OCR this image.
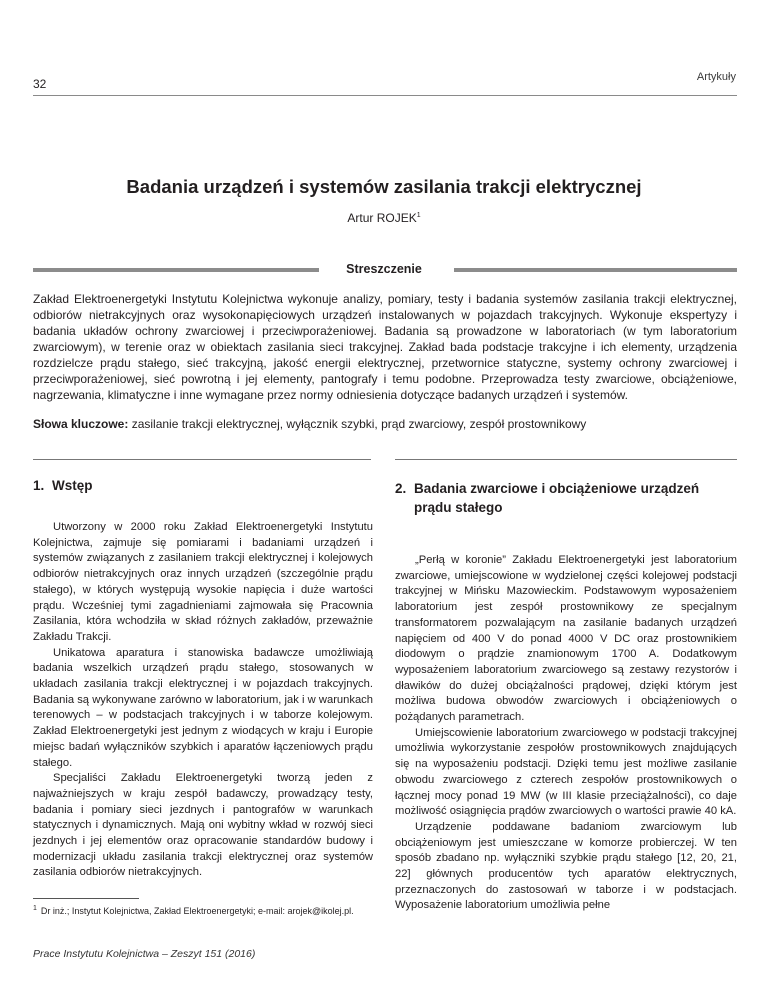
32	Artykuły
Badania urządzeń i systemów zasilania trakcji elektrycznej
Artur ROJEK$^1$
Streszczenie

Zakład Elektroenergetyki Instytutu Kolejnictwa wykonuje analizy, pomiary, testy i badania systemów zasilania trakcji elektrycznej, odbiorów nietrakcyjnych oraz wysokonapięciowych urządzeń instalowanych w pojazdach trakcyjnych. Wykonuje ekspertyzy i badania układów ochrony zwarciowej i przeciwporażeniowej. Badania są prowadzone w laboratoriach (w tym laboratorium zwarciowym), w terenie oraz w obiektach zasilania sieci trakcyjnej. Zakład bada podstacje trakcyjne i ich elementy, urządzenia rozdzielcze prądu stałego, sieć trakcyjną, jakość energii elektrycznej, przetwornice statyczne, systemy ochrony zwarciowej i przeciwporażeniowej, sieć powrotną i jej elementy, pantografy i temu podobne. Przeprowadza testy zwarciowe, obciążeniowe, nagrzewania, klimatyczne i inne wymagane przez normy odniesienia dotyczące badanych urządzeń i systemów.

Słowa kluczowe: zasilanie trakcji elektrycznej, wyłącznik szybki, prąd zwarciowy, zespół prostownikowy

1. Wstęp

Utworzony w 2000 roku Zakład Elektroenergetyki Instytutu Kolejnictwa, zajmuje się pomiarami i badaniami urządzeń i systemów związanych z zasilaniem trakcji elektrycznej i kolejowych odbiorów nietrakcyjnych oraz innych urządzeń (szczególnie prądu stałego), w których występują wysokie napięcia i duże wartości prądu. Wcześniej tymi zagadnieniami zajmowała się Pracownia Zasilania, która wchodziła w skład różnych zakładów, przeważnie Zakładu Trakcji.

Unikatowa aparatura i stanowiska badawcze umożliwiają badania wszelkich urządzeń prądu stałego, stosowanych w układach zasilania trakcji elektrycznej i w pojazdach trakcyjnych. Badania są wykonywane zarówno w laboratorium, jak i w warunkach terenowych – w podstacjach trakcyjnych i w taborze kolejowym. Zakład Elektroenergetyki jest jednym z wiodących w kraju i Europie miejsc badań wyłączników szybkich i aparatów łączeniowych prądu stałego.

Specjaliści Zakładu Elektroenergetyki tworzą jeden z najważniejszych w kraju zespół badawczy, prowadzący testy, badania i pomiary sieci jezdnych i pantografów w warunkach statycznych i dynamicznych. Mają oni wybitny wkład w rozwój sieci jezdnych i jej elementów oraz opracowanie standardów budowy i modernizacji układu zasilania trakcji elektrycznej oraz systemów zasilania odbiorów nietrakcyjnych.

2. Badania zwarciowe i obciążeniowe urządzeń prądu stałego

„Perłą w koronie” Zakładu Elektroenergetyki jest laboratorium zwarciowe, umiejscowione w wydzielonej części kolejowej podstacji trakcyjnej w Mińsku Mazowieckim. Podstawowym wyposażeniem laboratorium jest zespół prostownikowy ze specjalnym transformatorem pozwalającym na zasilanie badanych urządzeń napięciem od 400 V do ponad 4000 V DC oraz prostownikiem diodowym o prądzie znamionowym 1700 A. Dodatkowym wyposażeniem laboratorium zwarciowego są zestawy rezystorów i dławików do dużej obciążalności prądowej, dzięki którym jest możliwa budowa obwodów zwarciowych i obciążeniowych o pożądanych parametrach.

Umiejscowienie laboratorium zwarciowego w podstacji trakcyjnej umożliwia wykorzystanie zespołów prostownikowych znajdujących się na wyposażeniu podstacji. Dzięki temu jest możliwe zasilanie obwodu zwarciowego z czterech zespołów prostownikowych o łącznej mocy ponad 19 MW (w III klasie przeciążalności), co daje możliwość osiągnięcia prądów zwarciowych o wartości prawie 40 kA.

Urządzenie poddawane badaniom zwarciowym lub obciążeniowym jest umieszczane w komorze probierczej. W ten sposób zbadano np. wyłączniki szybkie prądu stałego [12, 20, 21, 22] głównych producentów tych aparatów elektrycznych, przeznaczonych do zastosowań w taborze i w podstacjach. Wyposażenie laboratorium umożliwia pełne

$^1$ Dr inż.; Instytut Kolejnictwa, Zakład Elektroenergetyki; e-mail: arojek@ikolej.pl.
Prace Instytutu Kolejnictwa – Zeszyt 151 (2016)
